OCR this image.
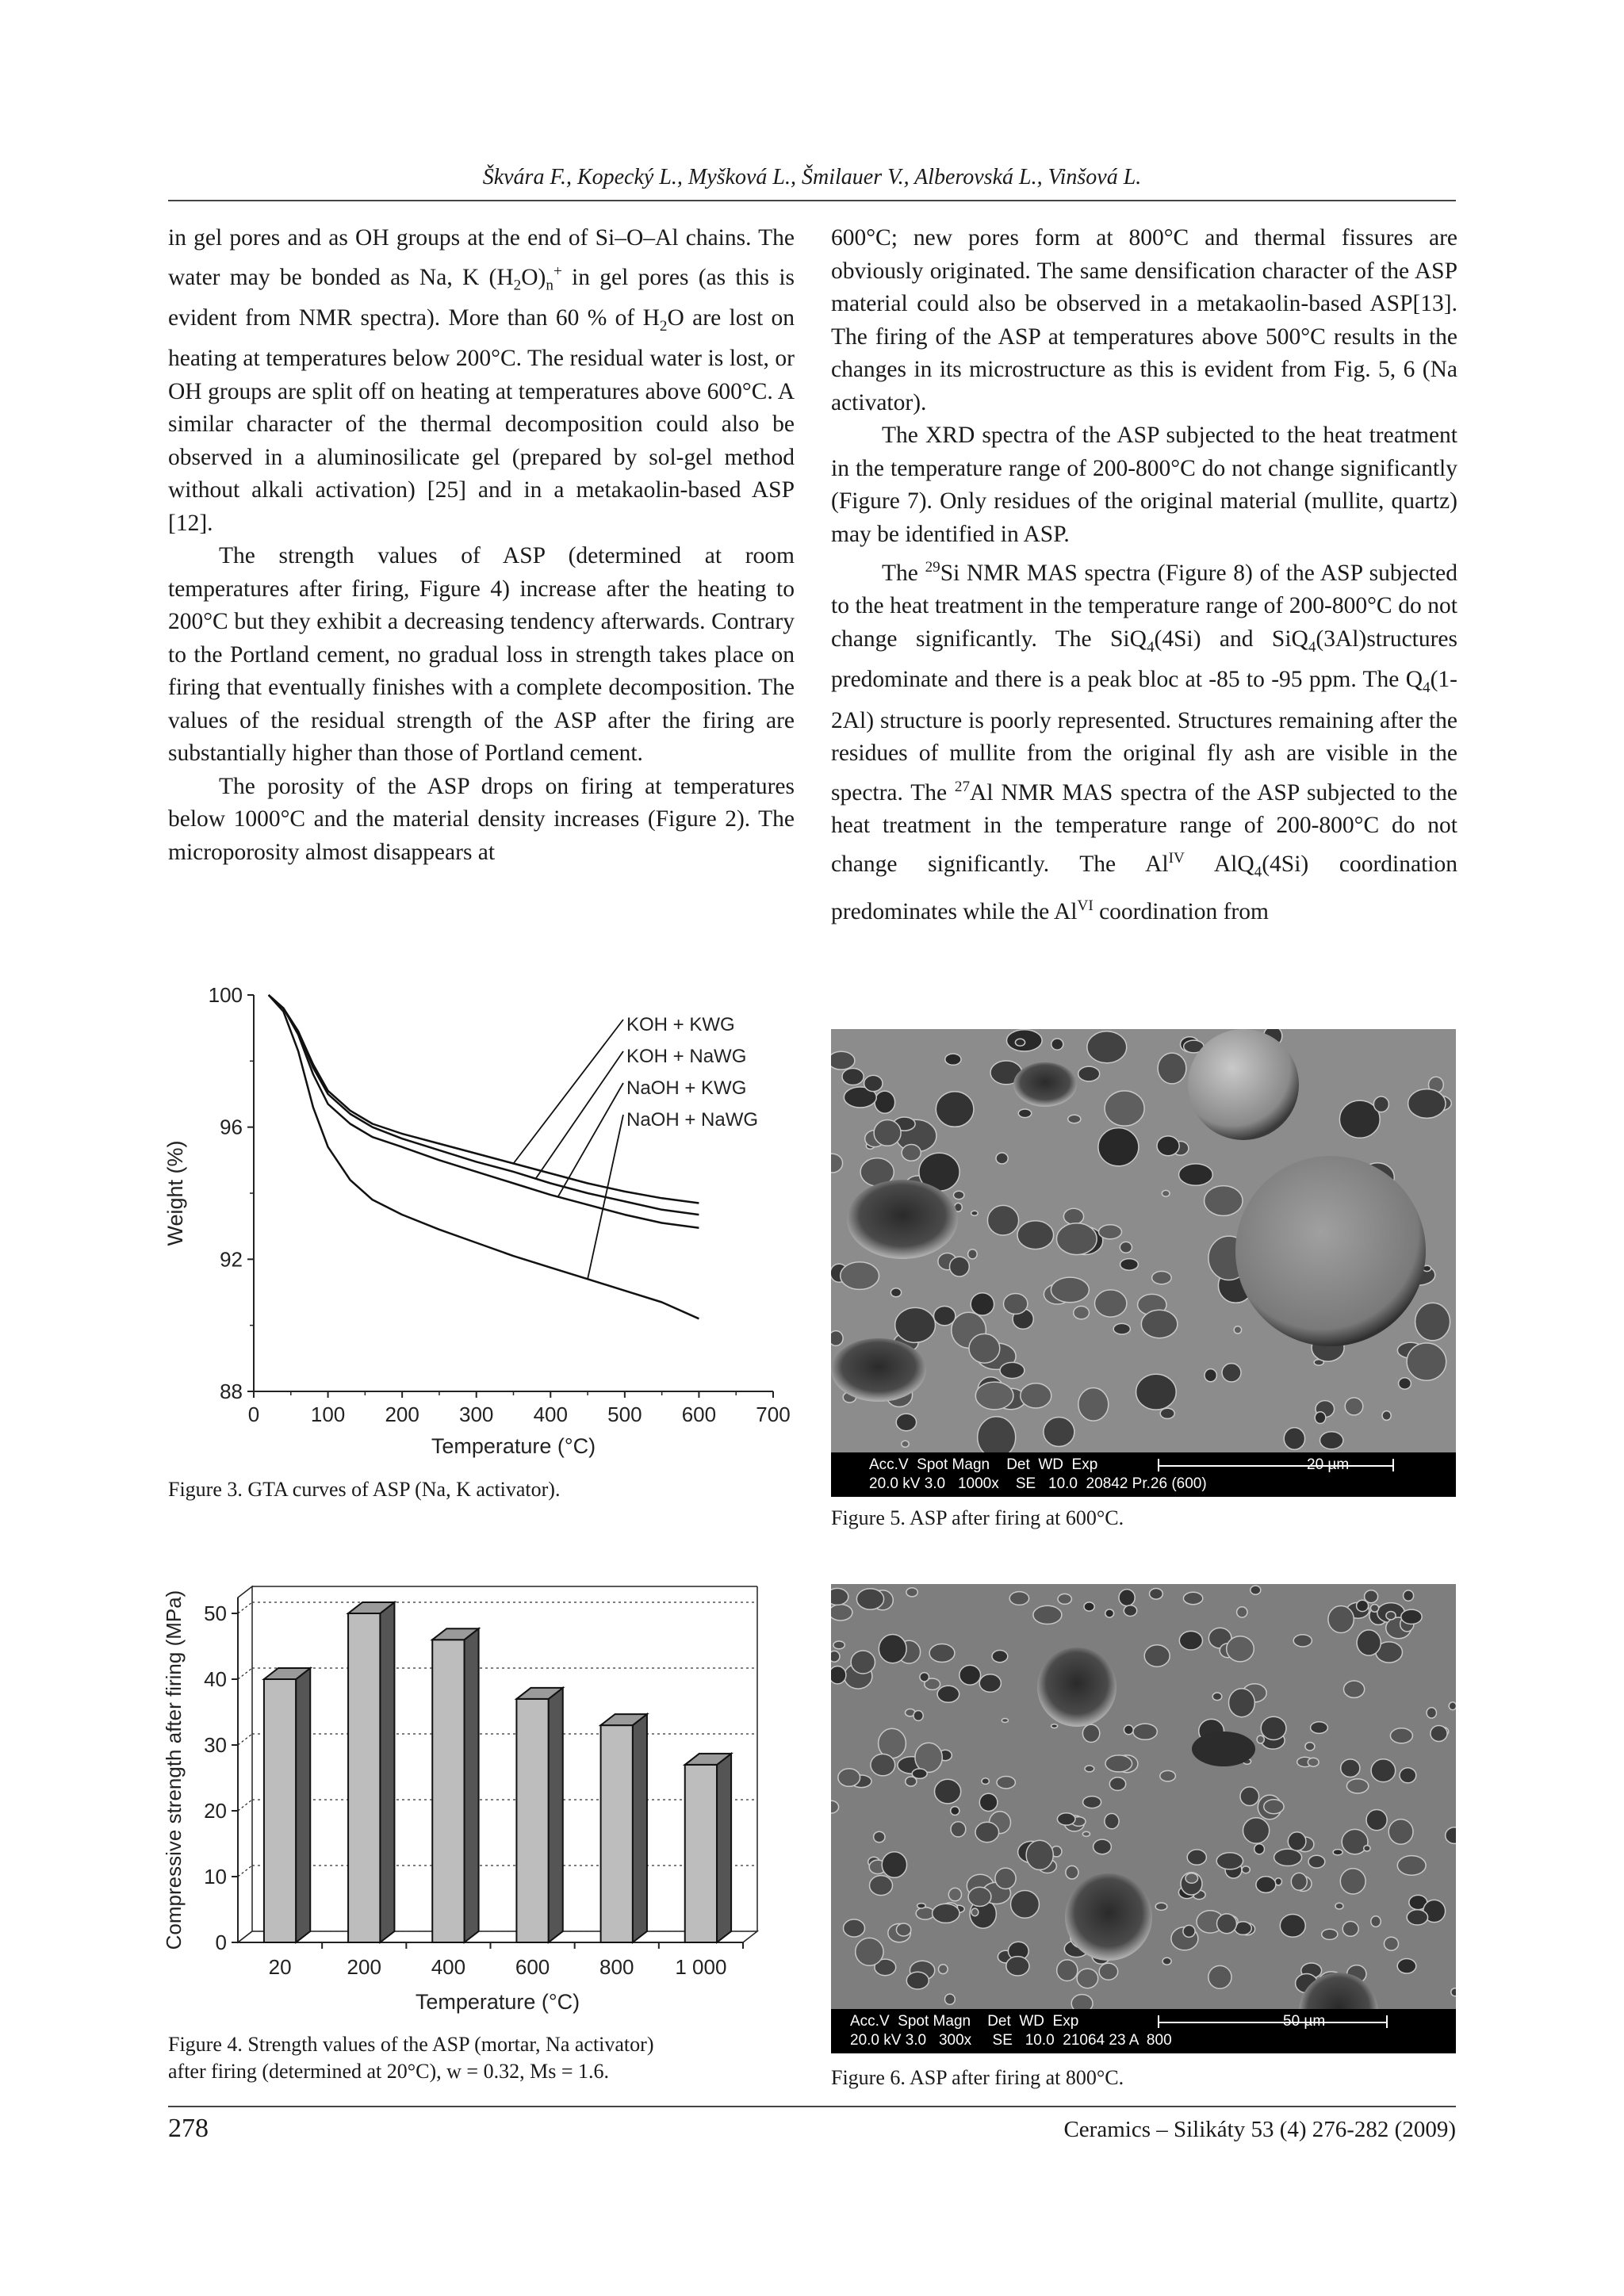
Škvára F., Kopecký L., Myšková L., Šmilauer V., Alberovská L., Vinšová L.

in gel pores and as OH groups at the end of Si–O–Al chains. The water may be bonded as Na, K $(H_2O)_n^+$ in gel pores (as this is evident from NMR spectra). More than 60 % of $H_2O$ are lost on heating at temperatures below 200°C. The residual water is lost, or OH groups are split off on heating at temperatures above 600°C. A similar character of the thermal decomposition could also be observed in a aluminosilicate gel (prepared by sol-gel method without alkali activation) [25] and in a metakaolin-based ASP [12].

The strength values of ASP (determined at room temperatures after firing, Figure 4) increase after the heating to 200°C but they exhibit a decreasing tendency afterwards. Contrary to the Portland cement, no gradual loss in strength takes place on firing that eventually finishes with a complete decomposition. The values of the residual strength of the ASP after the firing are substantially higher than those of Portland cement.

The porosity of the ASP drops on firing at temperatures below 1000°C and the material density increases (Figure 2). The microporosity almost disappears at

600°C; new pores form at 800°C and thermal fissures are obviously originated. The same densification character of the ASP material could also be observed in a metakaolin-based ASP[13]. The firing of the ASP at temperatures above 500°C results in the changes in its microstructure as this is evident from Fig. 5, 6 (Na activator).

The XRD spectra of the ASP subjected to the heat treatment in the temperature range of 200-800°C do not change significantly (Figure 7). Only residues of the original material (mullite, quartz) may be identified in ASP.

The $^{29}$Si NMR MAS spectra (Figure 8) of the ASP subjected to the heat treatment in the temperature range of 200-800°C do not change significantly. The SiQ$_4$(4Si) and SiQ$_4$(3Al)structures predominate and there is a peak bloc at -85 to -95 ppm. The $Q_4(1-2Al)$ structure is poorly represented. Structures remaining after the residues of mullite from the original fly ash are visible in the spectra. The $^{27}$Al NMR MAS spectra of the ASP subjected to the heat treatment in the temperature range of 200-800°C do not change significantly. The $Al^{IV}$ AlQ$_4$(4Si) coordination predominates while the $Al^{VI}$ coordination from

88
92
96
100
0 100 200 300 400 500 600 700
Temperature (°C)
Weight (%)
KOH + KWG
KOH + NaWG
NaOH + KWG
NaOH + NaWG
Figure 3. GTA curves of ASP (Na, K activator).
0
10
20
30
40
50
20	200 400 600 800 1 000
Temperature (°C)
Compressive strength after firing (MPa)
Figure 4. Strength values of the ASP (mortar, Na activator)
after firing (determined at 20°C), w = 0.32, Ms = 1.6.
Acc.V  Spot Magn    Det  WD  Exp
20.0 kV 3.0   1000x    SE   10.0  20842 Pr.26 (600)
20 µm
Figure 5. ASP after firing at 600°C.
Acc.V  Spot Magn    Det  WD  Exp
20.0 kV 3.0   300x     SE   10.0  21064 23 A  800
50 µm
Figure 6. ASP after firing at 800°C.
278	Ceramics – Silikáty 53 (4) 276-282 (2009)
